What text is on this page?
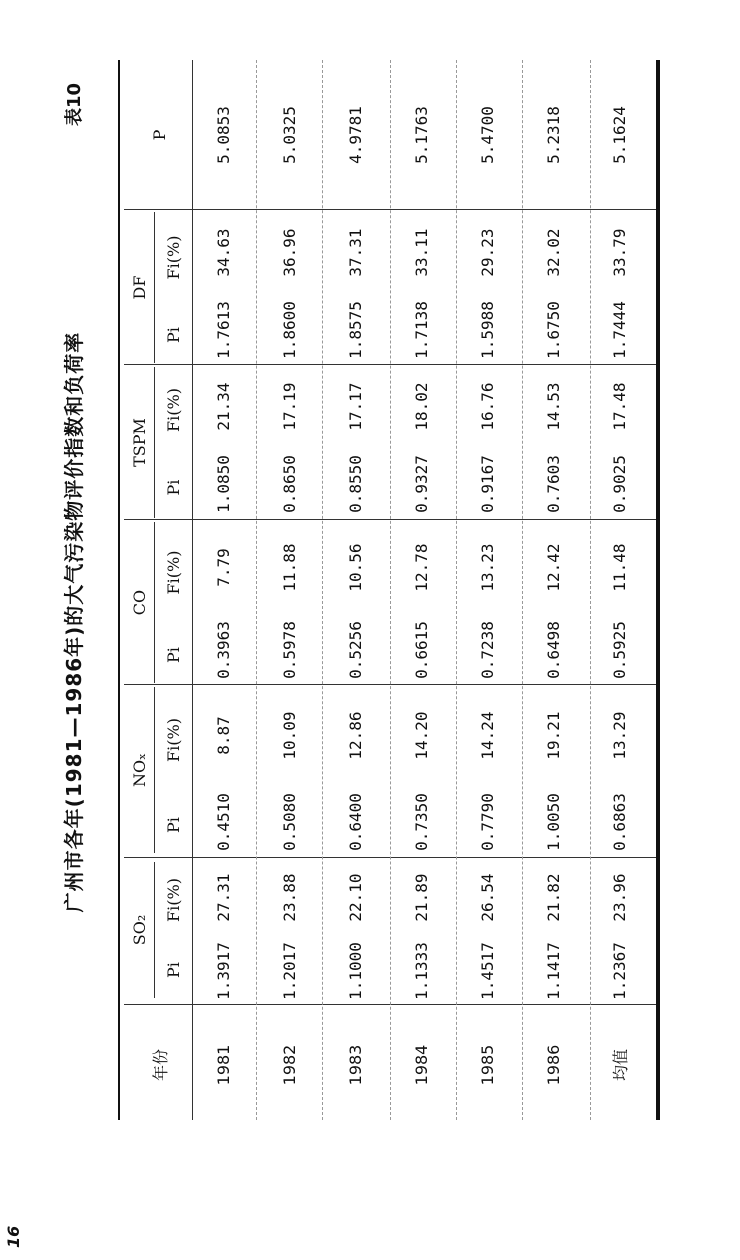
16
广州市各年(1981—1986年)的大气污染物评价指数和负荷率
表10
年份
SO₂
NOₓ
CO
TSPM
DF
P
Pi
Fi(%)
Pi
Fi(%)
Pi
Fi(%)
Pi
Fi(%)
Pi
Fi(%)
1981
1.3917
27.31
0.4510
8.87
0.3963
7.79
1.0850
21.34
1.7613
34.63
5.0853
1982
1.2017
23.88
0.5080
10.09
0.5978
11.88
0.8650
17.19
1.8600
36.96
5.0325
1983
1.1000
22.10
0.6400
12.86
0.5256
10.56
0.8550
17.17
1.8575
37.31
4.9781
1984
1.1333
21.89
0.7350
14.20
0.6615
12.78
0.9327
18.02
1.7138
33.11
5.1763
1985
1.4517
26.54
0.7790
14.24
0.7238
13.23
0.9167
16.76
1.5988
29.23
5.4700
1986
1.1417
21.82
1.0050
19.21
0.6498
12.42
0.7603
14.53
1.6750
32.02
5.2318
均值
1.2367
23.96
0.6863
13.29
0.5925
11.48
0.9025
17.48
1.7444
33.79
5.1624
